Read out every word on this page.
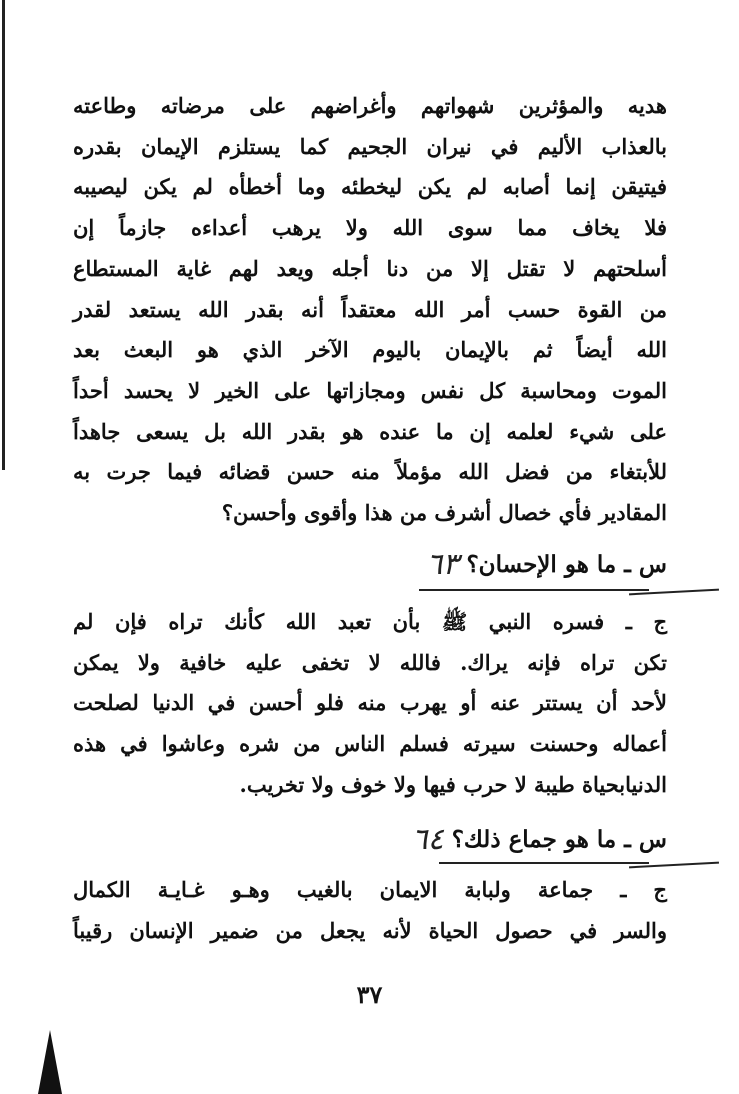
هديه والمؤثرين شهواتهم وأغراضهم على مرضاته وطاعته
بالعذاب الأليم في نيران الجحيم كما يستلزم الإيمان بقدره
فيتيقن إنما أصابه لم يكن ليخطئه وما أخطأه لم يكن ليصيبه
فلا يخاف مما سوى الله ولا يرهب أعداءه جازماً إن
أسلحتهم لا تقتل إلا من دنا أجله ويعد لهم غاية المستطاع
من القوة حسب أمر الله معتقداً أنه بقدر الله يستعد لقدر
الله أيضاً ثم بالإيمان باليوم الآخر الذي هو البعث بعد
الموت ومحاسبة كل نفس ومجازاتها على الخير لا يحسد أحداً
على شيء لعلمه إن ما عنده هو بقدر الله بل يسعى جاهداً
للأبتغاء من فضل الله مؤملاً منه حسن قضائه فيما جرت به
المقادير فأي خصال أشرف من هذا وأقوى وأحسن؟
س ـ ما هو الإحسان؟
٦٣
ج ـ فسره النبي ﷺ بأن تعبد الله كأنك تراه فإن لم
تكن تراه فإنه يراك. فالله لا تخفى عليه خافية ولا يمكن
لأحد أن يستتر عنه أو يهرب منه فلو أحسن في الدنيا لصلحت
أعماله وحسنت سيرته فسلم الناس من شره وعاشوا في هذه
الدنيابحياة طيبة لا حرب فيها ولا خوف ولا تخريب.
س ـ ما هو جماع ذلك؟
٦٤
ج ـ جماعة ولبابة الايمان بالغيب وهـو غـايـة الكمال
والسر في حصول الحياة لأنه يجعل من ضمير الإنسان رقيباً
٣٧
